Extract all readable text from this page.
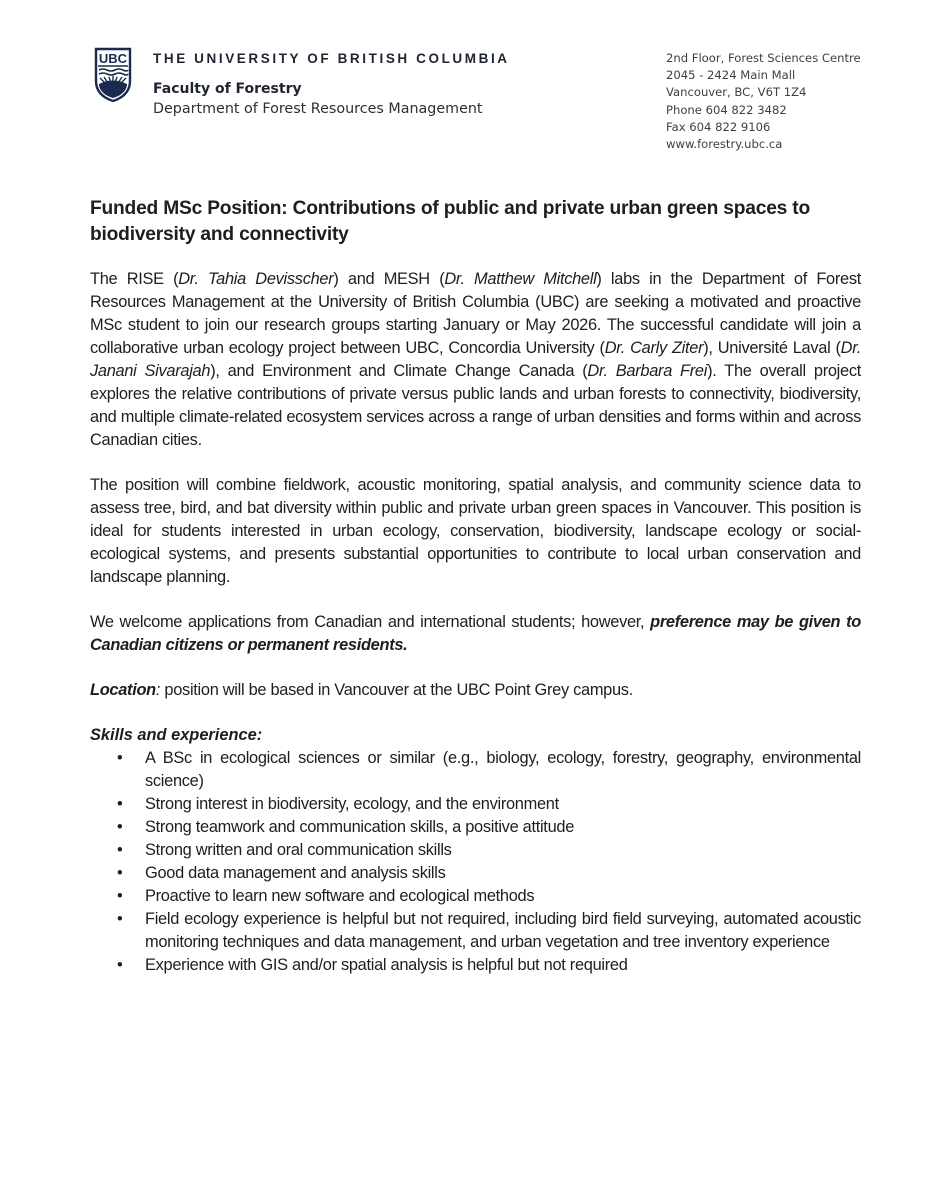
UBC THE UNIVERSITY OF BRITISH COLUMBIA
Faculty of Forestry
Department of Forest Resources Management
2nd Floor, Forest Sciences Centre
2045 - 2424 Main Mall
Vancouver, BC, V6T 1Z4
Phone 604 822 3482
Fax 604 822 9106
www.forestry.ubc.ca
Funded MSc Position: Contributions of public and private urban green spaces to biodiversity and connectivity

The RISE (Dr. Tahia Devisscher) and MESH (Dr. Matthew Mitchell) labs in the Department of Forest Resources Management at the University of British Columbia (UBC) are seeking a motivated and proactive MSc student to join our research groups starting January or May 2026. The successful candidate will join a collaborative urban ecology project between UBC, Concordia University (Dr. Carly Ziter), Université Laval (Dr. Janani Sivarajah), and Environment and Climate Change Canada (Dr. Barbara Frei). The overall project explores the relative contributions of private versus public lands and urban forests to connectivity, biodiversity, and multiple climate-related ecosystem services across a range of urban densities and forms within and across Canadian cities.

The position will combine fieldwork, acoustic monitoring, spatial analysis, and community science data to assess tree, bird, and bat diversity within public and private urban green spaces in Vancouver. This position is ideal for students interested in urban ecology, conservation, biodiversity, landscape ecology or social-ecological systems, and presents substantial opportunities to contribute to local urban conservation and landscape planning.

We welcome applications from Canadian and international students; however, preference may be given to Canadian citizens or permanent residents.

Location: position will be based in Vancouver at the UBC Point Grey campus.

Skills and experience:
• A BSc in ecological sciences or similar (e.g., biology, ecology, forestry, geography, environmental science)
• Strong interest in biodiversity, ecology, and the environment
• Strong teamwork and communication skills, a positive attitude
• Strong written and oral communication skills
• Good data management and analysis skills
• Proactive to learn new software and ecological methods
• Field ecology experience is helpful but not required, including bird field surveying, automated acoustic monitoring techniques and data management, and urban vegetation and tree inventory experience
• Experience with GIS and/or spatial analysis is helpful but not required
